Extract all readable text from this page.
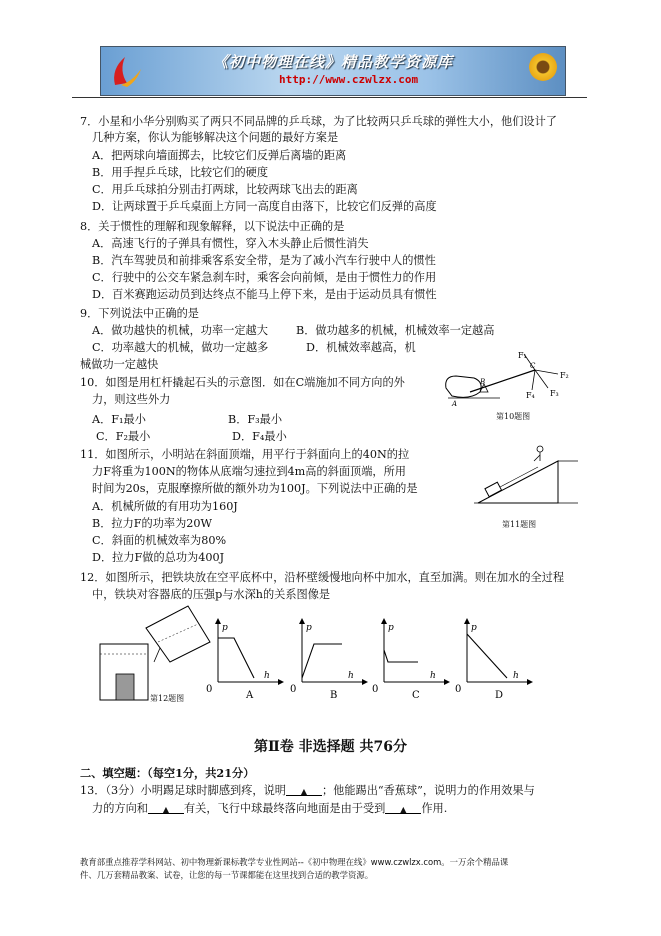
《初中物理在线》精品教学资源库
http://www.czwlzx.com
7．小星和小华分别购买了两只不同品牌的乒乓球，为了比较两只乒乓球的弹性大小，他们设计了
几种方案，你认为能够解决这个问题的最好方案是
A．把两球向墙面掷去，比较它们反弹后离墙的距离
B．用手捏乒乓球，比较它们的硬度
C．用乒乓球拍分别击打两球，比较两球飞出去的距离
D．让两球置于乒乓桌面上方同一高度自由落下，比较它们反弹的高度
8．关于惯性的理解和现象解释，以下说法中正确的是
A．高速飞行的子弹具有惯性，穿入木头静止后惯性消失
B．汽车驾驶员和前排乘客系安全带，是为了减小汽车行驶中人的惯性
C．行驶中的公交车紧急刹车时，乘客会向前倾，是由于惯性力的作用
D．百米赛跑运动员到达终点不能马上停下来，是由于运动员具有惯性
9．下列说法中正确的是
A．做功越快的机械，功率一定越大	B．做功越多的机械，机械效率一定越高
C．功率越大的机械，做功一定越多	D．机械效率越高，机
械做功一定越快
10．如图是用杠杆撬起石头的示意图．如在C端施加不同方向的外
力，则这些外力
A．F₁最小	B．F₃最小
C．F₂最小	D．F₄最小
F₁
F₂
F₃
F₄
C
B
A
第10题图
11．如图所示，小明站在斜面顶端，用平行于斜面向上的40N的拉
力F将重为100N的物体从底端匀速拉到4m高的斜面顶端，所用
时间为20s，克服摩擦所做的额外功为100J。下列说法中正确的是
A．机械所做的有用功为160J
B．拉力F的功率为20W
C．斜面的机械效率为80%
D．拉力F做的总功为400J
第11题图
12．如图所示，把铁块放在空平底杯中，沿杯壁缓慢地向杯中加水，直至加满。则在加水的全过程
中，铁块对容器底的压强p与水深h的关系图像是
第12题图
p
h
0
A
p
h
0
B
p
h
0
C
p
h
0
D
第Ⅱ卷 非选择题 共76分
二、填空题：（每空1分，共21分）
13．（3分）小明踢足球时脚感到疼，说明 ▲ ；他能踢出“香蕉球”，说明力的作用效果与
力的方向和 ▲ 有关，飞行中球最终落向地面是由于受到 ▲ 作用.
教育部重点推荐学科网站、初中物理新课标教学专业性网站--《初中物理在线》www.czwlzx.com。一万余个精品课
件、几万套精品教案、试卷，让您的每一节课都能在这里找到合适的教学资源。
